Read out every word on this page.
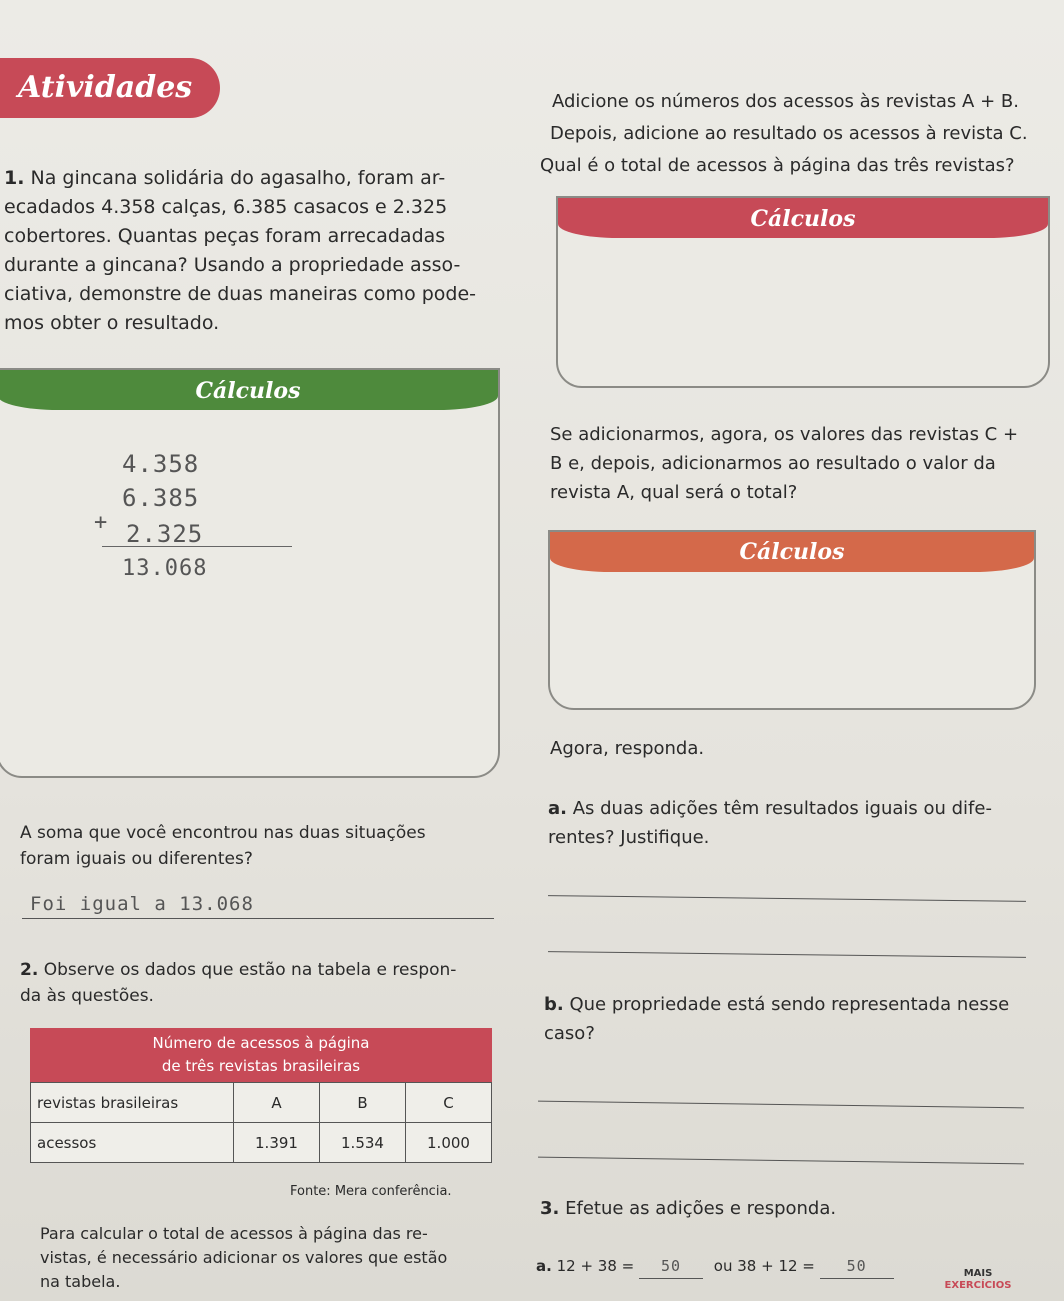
Atividades
1. Na gincana solidária do agasalho, foram ar-
ecadados 4.358 calças, 6.385 casacos e 2.325
cobertores. Quantas peças foram arrecadadas
durante a gincana? Usando a propriedade asso-
ciativa, demonstre de duas maneiras como pode-
mos obter o resultado.
Cálculos
4.358
6.385
+ 2.325
13.068
A soma que você encontrou nas duas situações
foram iguais ou diferentes?
Foi igual a 13.068
2. Observe os dados que estão na tabela e respon-
da às questões.
Número de acessos à página
de três revistas brasileiras
revistas brasileiras	A	B	C
acessos	1.391	1.534	1.000
Fonte: Mera conferência.
Para calcular o total de acessos à página das re-
vistas, é necessário adicionar os valores que estão
na tabela.
Adicione os números dos acessos às revistas A + B.
Depois, adicione ao resultado os acessos à revista C.
Qual é o total de acessos à página das três revistas?
Cálculos
Se adicionarmos, agora, os valores das revistas C +
B e, depois, adicionarmos ao resultado o valor da
revista A, qual será o total?
Cálculos
Agora, responda.
a. As duas adições têm resultados iguais ou dife-
rentes? Justifique.
b. Que propriedade está sendo representada nesse
caso?
3. Efetue as adições e responda.
a. 12 + 38 = 50 ou 38 + 12 = 50	MAIS
EXERCÍCIOS
